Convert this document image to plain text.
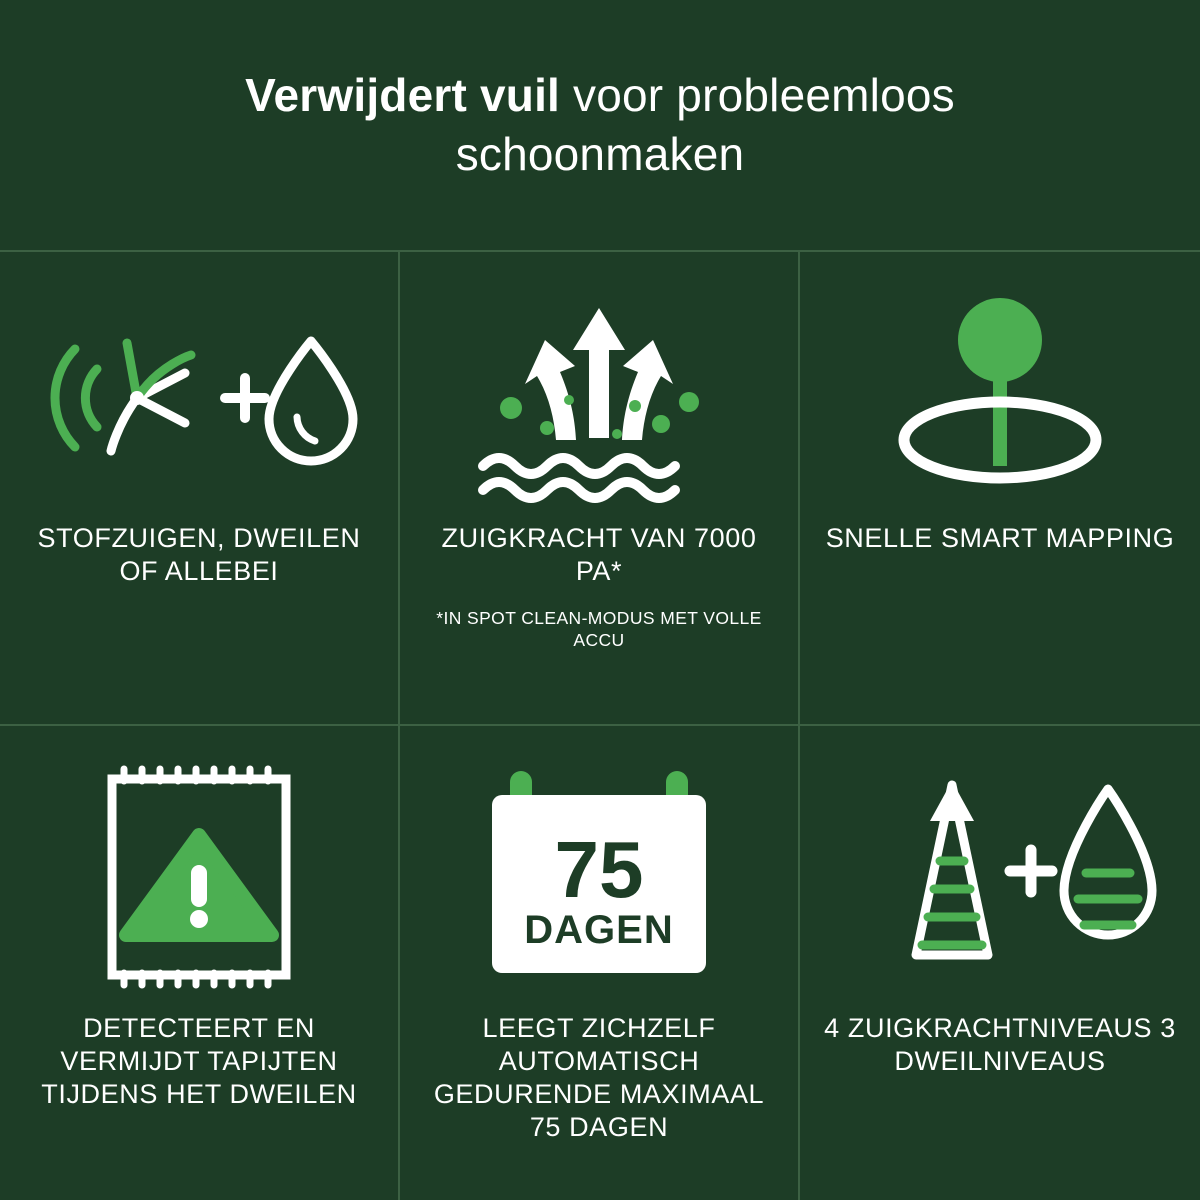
Verwijdert vuil voor probleemloos schoonmaken
STOFZUIGEN, DWEILEN OF ALLEBEI
ZUIGKRACHT VAN 7000 PA*
*IN SPOT CLEAN-MODUS MET VOLLE ACCU
SNELLE SMART MAPPING
DETECTEERT EN VERMIJDT TAPIJTEN TIJDENS HET DWEILEN
75
DAGEN
LEEGT ZICHZELF AUTOMATISCH GEDURENDE MAXIMAAL 75 DAGEN
4 ZUIGKRACHTNIVEAUS 3 DWEILNIVEAUS
